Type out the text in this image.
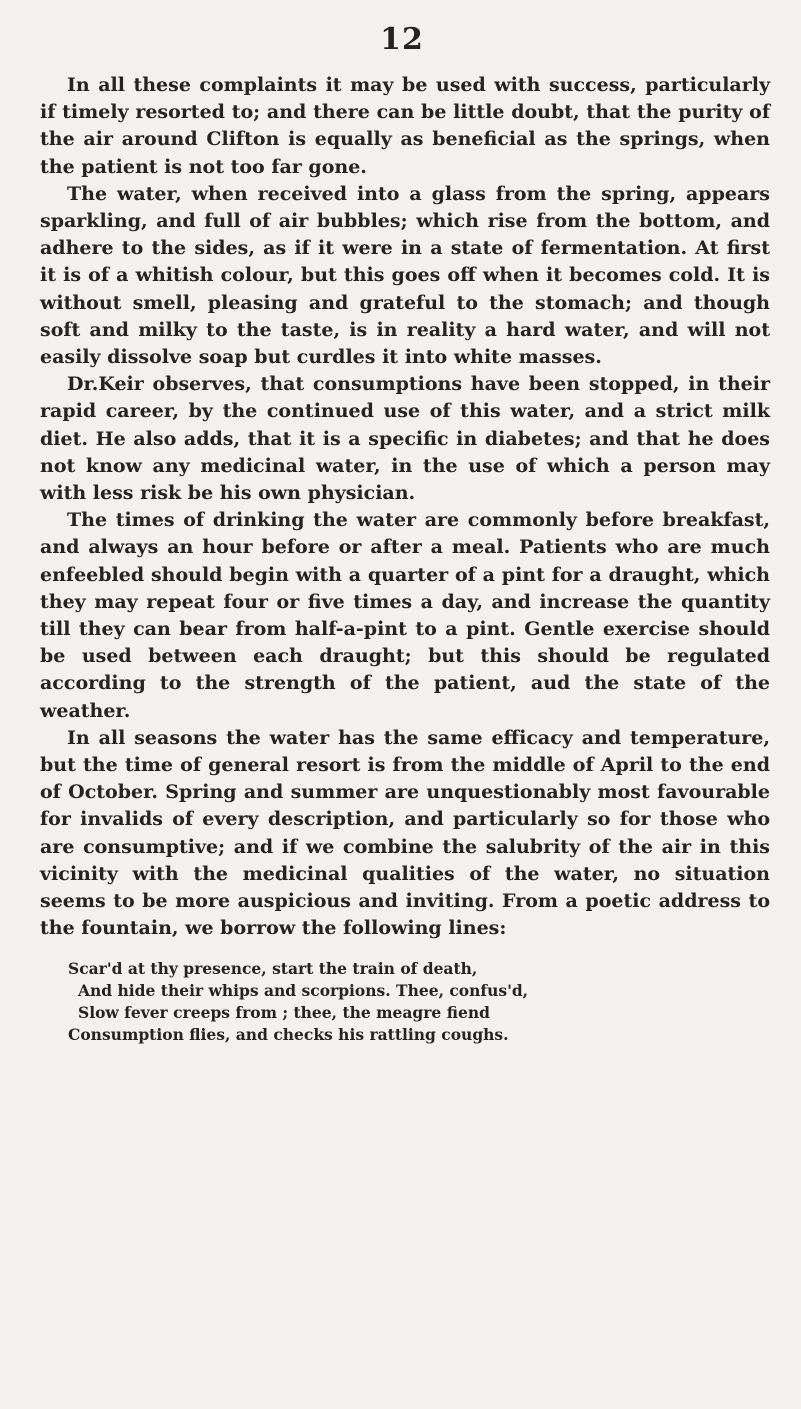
12

In all these complaints it may be used with success, particularly if timely resorted to; and there can be little doubt, that the purity of the air around Clifton is equally as beneficial as the springs, when the patient is not too far gone.

The water, when received into a glass from the spring, appears sparkling, and full of air bubbles; which rise from the bottom, and adhere to the sides, as if it were in a state of fermentation. At first it is of a whitish colour, but this goes off when it becomes cold. It is without smell, pleasing and grateful to the stomach; and though soft and milky to the taste, is in reality a hard water, and will not easily dissolve soap but curdles it into white masses.

Dr.Keir observes, that consumptions have been stopped, in their rapid career, by the continued use of this water, and a strict milk diet. He also adds, that it is a specific in diabetes; and that he does not know any medicinal water, in the use of which a person may with less risk be his own physician.

The times of drinking the water are commonly before breakfast, and always an hour before or after a meal. Patients who are much enfeebled should begin with a quarter of a pint for a draught, which they may repeat four or five times a day, and increase the quantity till they can bear from half-a-pint to a pint. Gentle exercise should be used between each draught; but this should be regulated according to the strength of the patient, aud the state of the weather.

In all seasons the water has the same efficacy and temperature, but the time of general resort is from the middle of April to the end of October. Spring and summer are unquestionably most favourable for invalids of every description, and particularly so for those who are consumptive; and if we combine the salubrity of the air in this vicinity with the medicinal qualities of the water, no situation seems to be more auspicious and inviting. From a poetic address to the fountain, we borrow the following lines:

Scar'd at thy presence, start the train of death,
And hide their whips and scorpions. Thee, confus'd,
Slow fever creeps from ; thee, the meagre fiend
Consumption flies, and checks his rattling coughs.
